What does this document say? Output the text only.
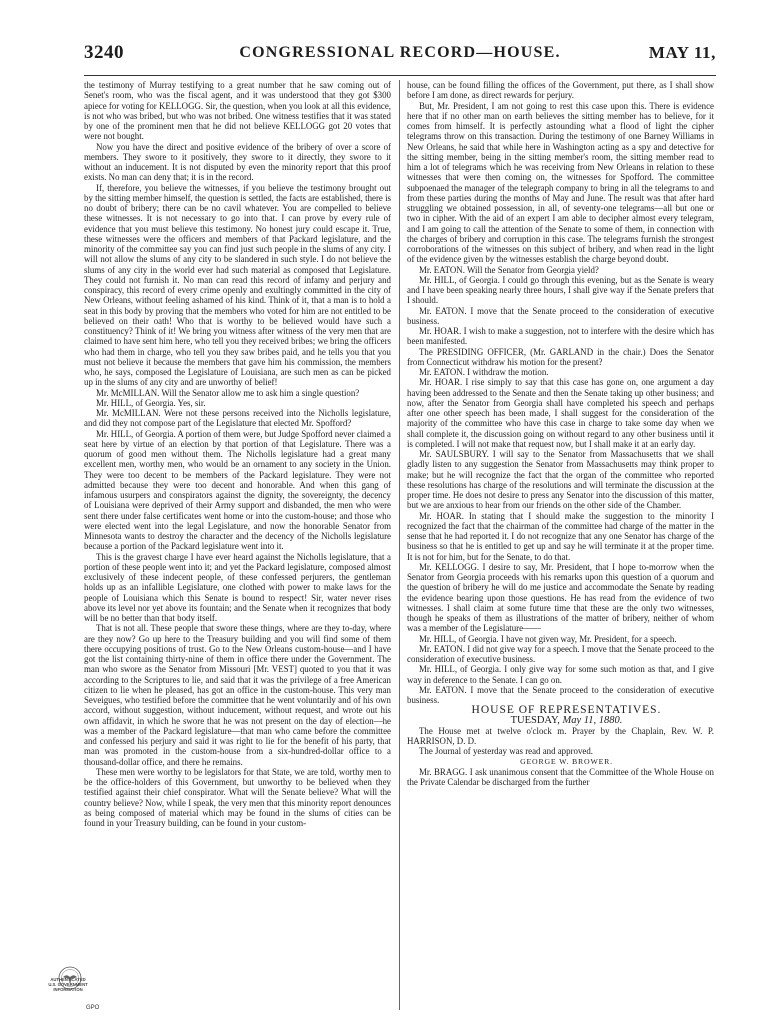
3240	CONGRESSIONAL RECORD—HOUSE.	MAY 11,

the testimony of Murray testifying to a great number that he saw coming out of Senet's room, who was the fiscal agent, and it was understood that they got $300 apiece for voting for KELLOGG. Sir, the question, when you look at all this evidence, is not who was bribed, but who was not bribed. One witness testifies that it was stated by one of the prominent men that he did not believe KELLOGG got 20 votes that were not bought.

Now you have the direct and positive evidence of the bribery of over a score of members. They swore to it positively, they swore to it directly, they swore to it without an inducement. It is not disputed by even the minority report that this proof exists. No man can deny that; it is in the record.

If, therefore, you believe the witnesses, if you believe the testimony brought out by the sitting member himself, the question is settled, the facts are established, there is no doubt of bribery; there can be no cavil whatever. You are compelled to believe these witnesses. It is not necessary to go into that. I can prove by every rule of evidence that you must believe this testimony. No honest jury could escape it. True, these witnesses were the officers and members of that Packard legislature, and the minority of the committee say you can find just such people in the slums of any city. I will not allow the slums of any city to be slandered in such style. I do not believe the slums of any city in the world ever had such material as composed that Legislature. They could not furnish it. No man can read this record of infamy and perjury and conspiracy, this record of every crime openly and exultingly committed in the city of New Orleans, without feeling ashamed of his kind. Think of it, that a man is to hold a seat in this body by proving that the members who voted for him are not entitled to be believed on their oath! Who that is worthy to be believed would have such a constituency? Think of it! We bring you witness after witness of the very men that are claimed to have sent him here, who tell you they received bribes; we bring the officers who had them in charge, who tell you they saw bribes paid, and he tells you that you must not believe it because the members that gave him his commission, the members who, he says, composed the Legislature of Louisiana, are such men as can be picked up in the slums of any city and are unworthy of belief!

Mr. McMILLAN. Will the Senator allow me to ask him a single question?

Mr. HILL, of Georgia. Yes, sir.

Mr. McMILLAN. Were not these persons received into the Nicholls legislature, and did they not compose part of the Legislature that elected Mr. Spofford?

Mr. HILL, of Georgia. A portion of them were, but Judge Spofford never claimed a seat here by virtue of an election by that portion of that Legislature. There was a quorum of good men without them. The Nicholls legislature had a great many excellent men, worthy men, who would be an ornament to any society in the Union. They were too decent to be members of the Packard legislature. They were not admitted because they were too decent and honorable. And when this gang of infamous usurpers and conspirators against the dignity, the sovereignty, the decency of Louisiana were deprived of their Army support and disbanded, the men who were sent there under false certificates went home or into the custom-house; and those who were elected went into the legal Legislature, and now the honorable Senator from Minnesota wants to destroy the character and the decency of the Nicholls legislature because a portion of the Packard legislature went into it.

This is the gravest charge I have ever heard against the Nicholls legislature, that a portion of these people went into it; and yet the Packard legislature, composed almost exclusively of these indecent people, of these confessed perjurers, the gentleman holds up as an infallible Legislature, one clothed with power to make laws for the people of Louisiana which this Senate is bound to respect! Sir, water never rises above its level nor yet above its fountain; and the Senate when it recognizes that body will be no better than that body itself.

That is not all. These people that swore these things, where are they to-day, where are they now? Go up here to the Treasury building and you will find some of them there occupying positions of trust. Go to the New Orleans custom-house—and I have got the list containing thirty-nine of them in office there under the Government. The man who swore as the Senator from Missouri [Mr. VEST] quoted to you that it was according to the Scriptures to lie, and said that it was the privilege of a free American citizen to lie when he pleased, has got an office in the custom-house. This very man Seveigues, who testified before the committee that he went voluntarily and of his own accord, without suggestion, without inducement, without request, and wrote out his own affidavit, in which he swore that he was not present on the day of election—he was a member of the Packard legislature—that man who came before the committee and confessed his perjury and said it was right to lie for the benefit of his party, that man was promoted in the custom-house from a six-hundred-dollar office to a thousand-dollar office, and there he remains.

These men were worthy to be legislators for that State, we are told, worthy men to be the office-holders of this Government, but unworthy to be believed when they testified against their chief conspirator. What will the Senate believe? What will the country believe? Now, while I speak, the very men that this minority report denounces as being composed of material which may be found in the slums of cities can be found in your Treasury building, can be found in your custom-

house, can be found filling the offices of the Government, put there, as I shall show before I am done, as direct rewards for perjury.

But, Mr. President, I am not going to rest this case upon this. There is evidence here that if no other man on earth believes the sitting member has to believe, for it comes from himself. It is perfectly astounding what a flood of light the cipher telegrams throw on this transaction. During the testimony of one Barney Williams in New Orleans, he said that while here in Washington acting as a spy and detective for the sitting member, being in the sitting member's room, the sitting member read to him a lot of telegrams which he was receiving from New Orleans in relation to these witnesses that were then coming on, the witnesses for Spofford. The committee subpoenaed the manager of the telegraph company to bring in all the telegrams to and from these parties during the months of May and June. The result was that after hard struggling we obtained possession, in all, of seventy-one telegrams—all but one or two in cipher. With the aid of an expert I am able to decipher almost every telegram, and I am going to call the attention of the Senate to some of them, in connection with the charges of bribery and corruption in this case. The telegrams furnish the strongest corroborations of the witnesses on this subject of bribery, and when read in the light of the evidence given by the witnesses establish the charge beyond doubt.

Mr. EATON. Will the Senator from Georgia yield?

Mr. HILL, of Georgia. I could go through this evening, but as the Senate is weary and I have been speaking nearly three hours, I shall give way if the Senate prefers that I should.

Mr. EATON. I move that the Senate proceed to the consideration of executive business.

Mr. HOAR. I wish to make a suggestion, not to interfere with the desire which has been manifested.

The PRESIDING OFFICER, (Mr. GARLAND in the chair.) Does the Senator from Connecticut withdraw his motion for the present?

Mr. EATON. I withdraw the motion.

Mr. HOAR. I rise simply to say that this case has gone on, one argument a day having been addressed to the Senate and then the Senate taking up other business; and now, after the Senator from Georgia shall have completed his speech and perhaps after one other speech has been made, I shall suggest for the consideration of the majority of the committee who have this case in charge to take some day when we shall complete it, the discussion going on without regard to any other business until it is completed. I will not make that request now, but I shall make it at an early day.

Mr. SAULSBURY. I will say to the Senator from Massachusetts that we shall gladly listen to any suggestion the Senator from Massachusetts may think proper to make; but he will recognize the fact that the organ of the committee who reported these resolutions has charge of the resolutions and will terminate the discussion at the proper time. He does not desire to press any Senator into the discussion of this matter, but we are anxious to hear from our friends on the other side of the Chamber.

Mr. HOAR. In stating that I should make the suggestion to the minority I recognized the fact that the chairman of the committee had charge of the matter in the sense that he had reported it. I do not recognize that any one Senator has charge of the business so that he is entitled to get up and say he will terminate it at the proper time. It is not for him, but for the Senate, to do that.

Mr. KELLOGG. I desire to say, Mr. President, that I hope to-morrow when the Senator from Georgia proceeds with his remarks upon this question of a quorum and the question of bribery he will do me justice and accommodate the Senate by reading the evidence bearing upon those questions. He has read from the evidence of two witnesses. I shall claim at some future time that these are the only two witnesses, though he speaks of them as illustrations of the matter of bribery, neither of whom was a member of the Legislature——

Mr. HILL, of Georgia. I have not given way, Mr. President, for a speech.

Mr. EATON. I did not give way for a speech. I move that the Senate proceed to the consideration of executive business.

Mr. HILL, of Georgia. I only give way for some such motion as that, and I give way in deference to the Senate. I can go on.

Mr. EATON. I move that the Senate proceed to the consideration of executive business.

HOUSE OF REPRESENTATIVES.

TUESDAY, May 11, 1880.

The House met at twelve o'clock m. Prayer by the Chaplain, Rev. W. P. HARRISON, D. D.

The Journal of yesterday was read and approved.

GEORGE W. BROWER.

Mr. BRAGG. I ask unanimous consent that the Committee of the Whole House on the Private Calendar be discharged from the further

AUTHENTICATED
U.S. GOVERNMENT
INFORMATION
GPO
